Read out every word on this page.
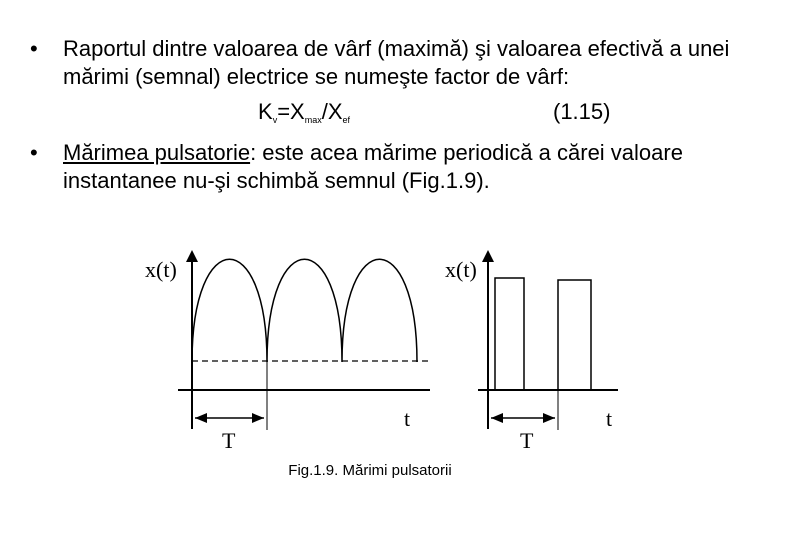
•	Raportul dintre valoarea de vârf (maximă) şi valoarea efectivă a unei mărimi (semnal) electrice se numeşte factor de vârf:
$K_v=X_{max}/X_{ef}$	(1.15)
•	Mărimea pulsatorie: este acea mărime periodică a cărei valoare instantanee nu-şi schimbă semnul (Fig.1.9).
x(t)
t
T
x(t)
t
T
Fig.1.9. Mărimi pulsatorii
